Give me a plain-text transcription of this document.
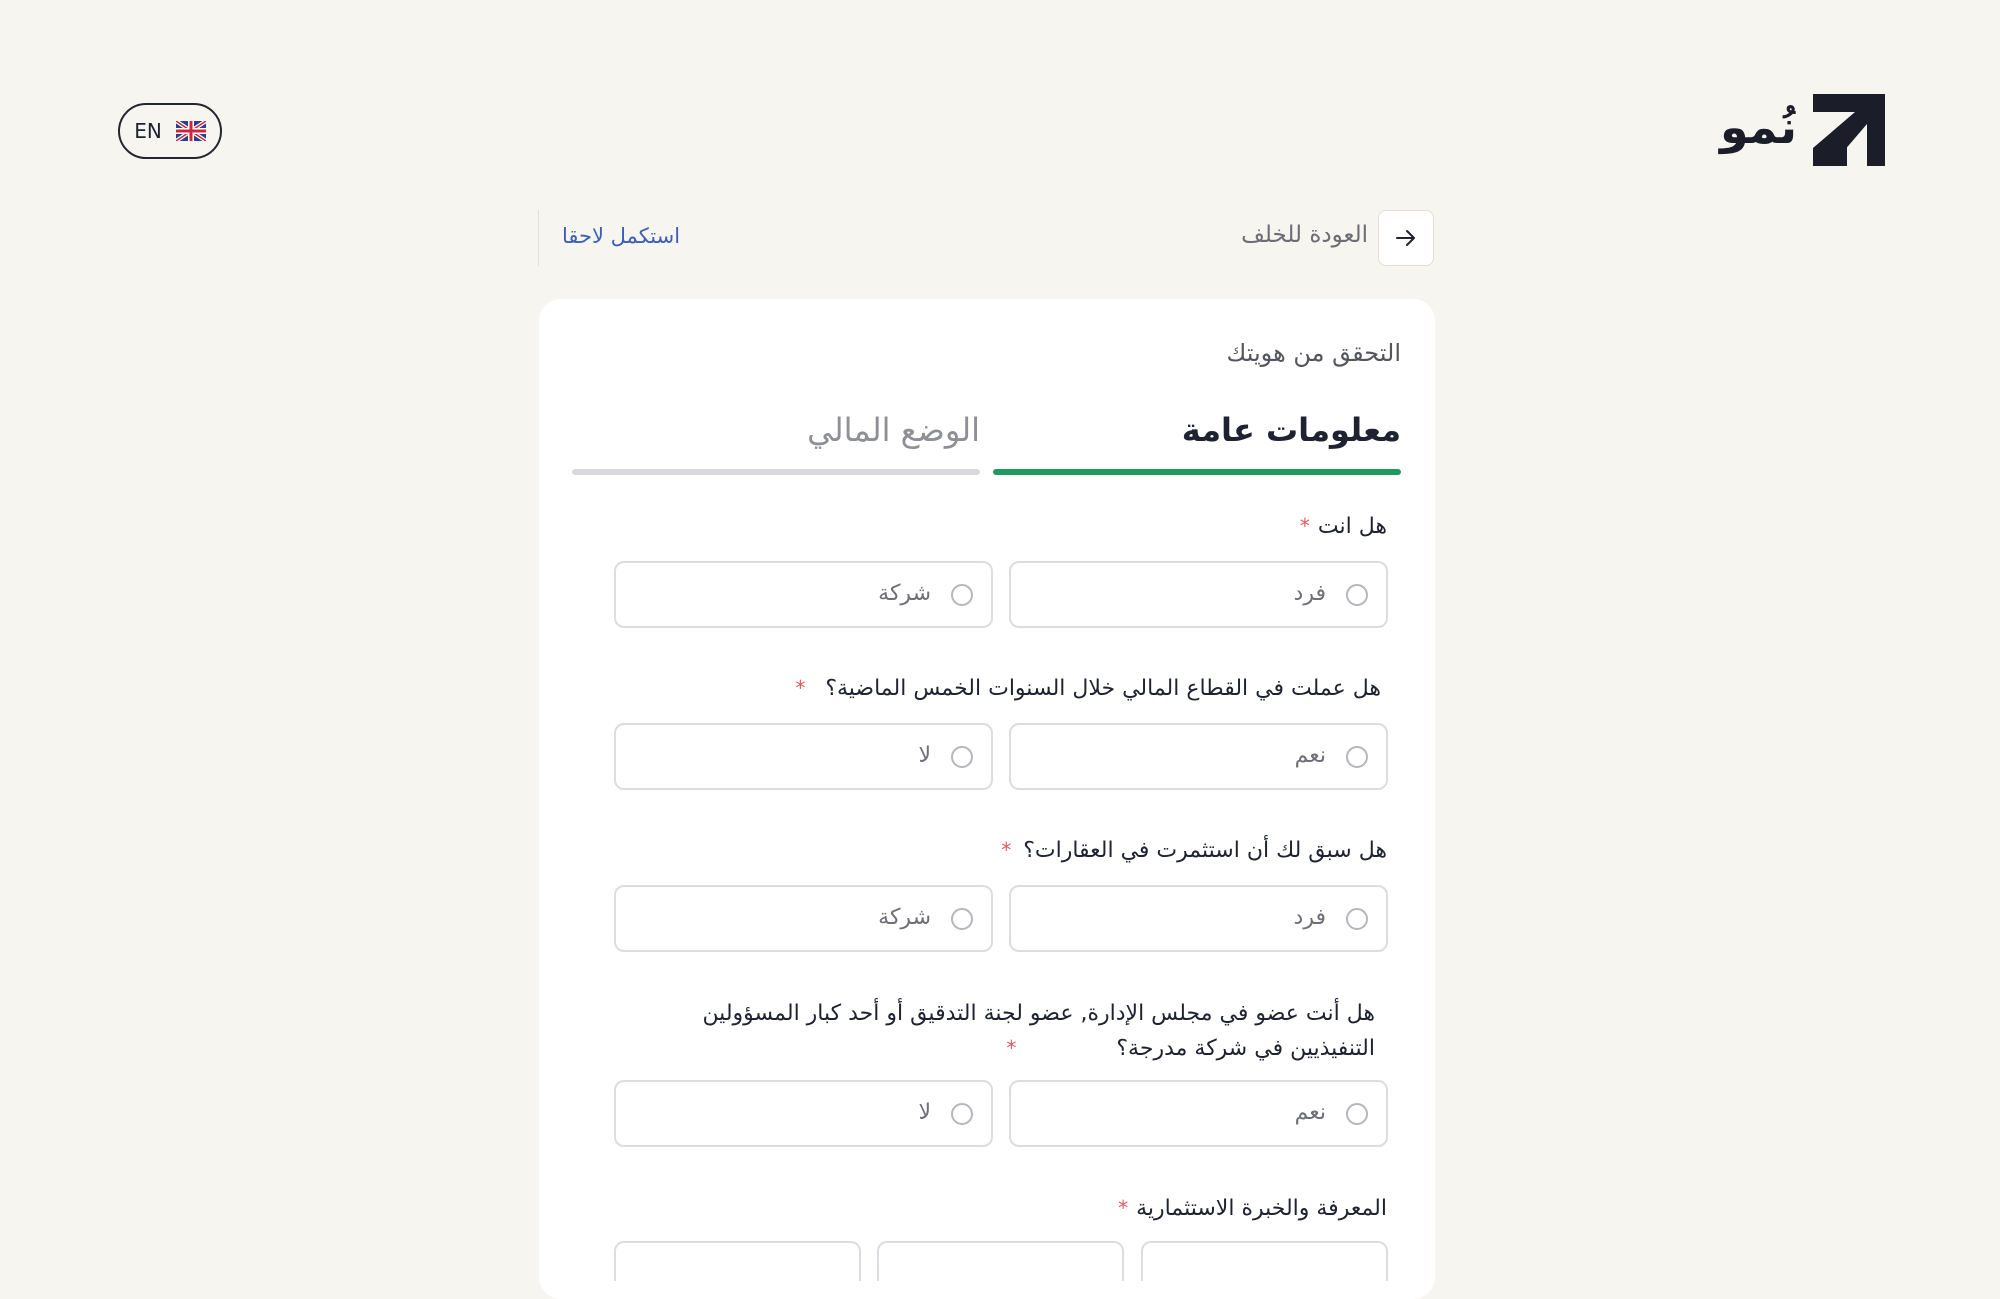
نُمو
EN
استكمل لاحقا	العودة للخلف
التحقق من هويتك
معلومات عامة
الوضع المالي
هل انت*
فرد
شركة
هل عملت في القطاع المالي خلال السنوات الخمس الماضية؟*
نعم
لا
هل سبق لك أن استثمرت في العقارات؟*
فرد
شركة
هل أنت عضو في مجلس الإدارة, عضو لجنة التدقيق أو أحد كبار المسؤولين التنفيذيين في شركة مدرجة؟*
نعم
لا
المعرفة والخبرة الاستثمارية*
